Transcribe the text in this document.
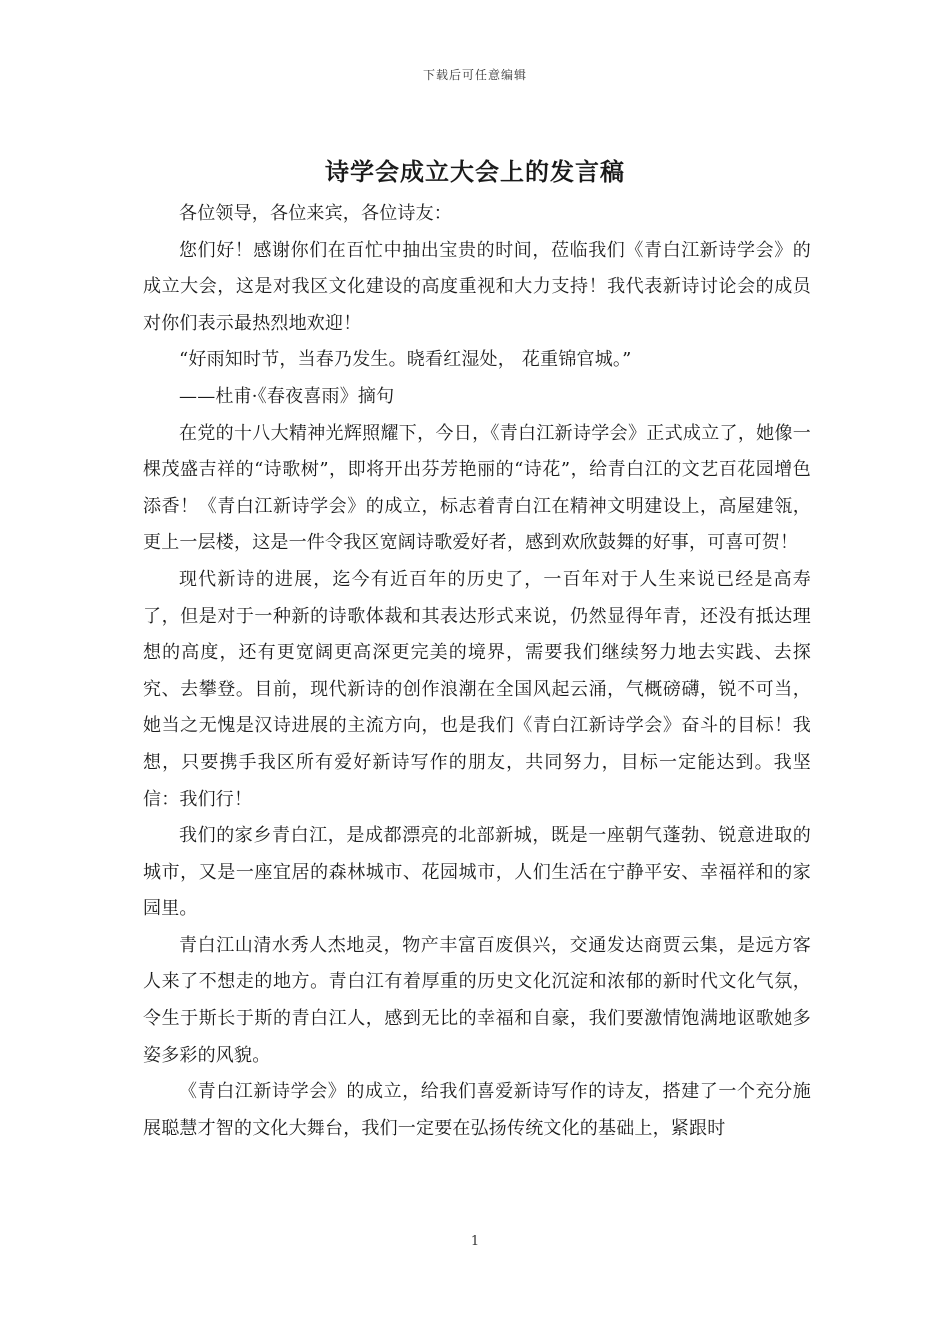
下载后可任意编辑
诗学会成立大会上的发言稿

各位领导，各位来宾，各位诗友：

您们好！感谢你们在百忙中抽出宝贵的时间，莅临我们《青白江新诗学会》的成立大会，这是对我区文化建设的高度重视和大力支持！我代表新诗讨论会的成员对你们表示最热烈地欢迎！

“好雨知时节，当春乃发生。晓看红湿处， 花重锦官城。”

——杜甫·《春夜喜雨》摘句

在党的十八大精神光辉照耀下，今日，《青白江新诗学会》正式成立了，她像一棵茂盛吉祥的“诗歌树”，即将开出芬芳艳丽的“诗花”，给青白江的文艺百花园增色添香！《青白江新诗学会》的成立，标志着青白江在精神文明建设上，高屋建瓴，更上一层楼，这是一件令我区宽阔诗歌爱好者，感到欢欣鼓舞的好事，可喜可贺！

现代新诗的进展，迄今有近百年的历史了，一百年对于人生来说已经是高寿了，但是对于一种新的诗歌体裁和其表达形式来说，仍然显得年青，还没有抵达理想的高度，还有更宽阔更高深更完美的境界，需要我们继续努力地去实践、去探究、去攀登。目前，现代新诗的创作浪潮在全国风起云涌，气概磅礴，锐不可当，她当之无愧是汉诗进展的主流方向，也是我们《青白江新诗学会》奋斗的目标！我想，只要携手我区所有爱好新诗写作的朋友，共同努力，目标一定能达到。我坚信：我们行！

我们的家乡青白江，是成都漂亮的北部新城，既是一座朝气蓬勃、锐意进取的城市，又是一座宜居的森林城市、花园城市，人们生活在宁静平安、幸福祥和的家园里。

青白江山清水秀人杰地灵，物产丰富百废俱兴，交通发达商贾云集，是远方客人来了不想走的地方。青白江有着厚重的历史文化沉淀和浓郁的新时代文化气氛，令生于斯长于斯的青白江人，感到无比的幸福和自豪，我们要激情饱满地讴歌她多姿多彩的风貌。

《青白江新诗学会》的成立，给我们喜爱新诗写作的诗友，搭建了一个充分施展聪慧才智的文化大舞台，我们一定要在弘扬传统文化的基础上，紧跟时

1
